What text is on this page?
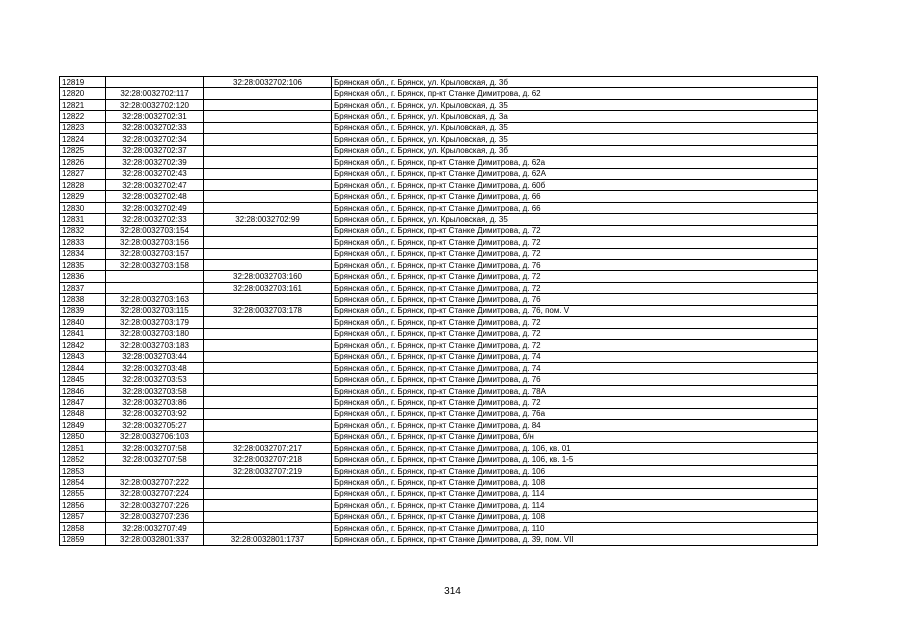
12819		32:28:0032702:106	Брянская обл., г. Брянск, ул. Крыловская, д. 3б
12820	32:28:0032702:117		Брянская обл., г. Брянск, пр-кт Станке Димитрова, д. 62
12821	32:28:0032702:120		Брянская обл., г. Брянск, ул. Крыловская, д. 35
12822	32:28:0032702:31		Брянская обл., г. Брянск, ул. Крыловская, д. 3а
12823	32:28:0032702:33		Брянская обл., г. Брянск, ул. Крыловская, д. 35
12824	32:28:0032702:34		Брянская обл., г. Брянск, ул. Крыловская, д. 35
12825	32:28:0032702:37		Брянская обл., г. Брянск, ул. Крыловская, д. 3б
12826	32:28:0032702:39		Брянская обл., г. Брянск, пр-кт Станке Димитрова, д. 62а
12827	32:28:0032702:43		Брянская обл., г. Брянск, пр-кт Станке Димитрова, д. 62А
12828	32:28:0032702:47		Брянская обл., г. Брянск, пр-кт Станке Димитрова, д. 60б
12829	32:28:0032702:48		Брянская обл., г. Брянск, пр-кт Станке Димитрова, д. 66
12830	32:28:0032702:49		Брянская обл., г. Брянск, пр-кт Станке Димитрова, д. 66
12831	32:28:0032702:33	32:28:0032702:99	Брянская обл., г. Брянск, ул. Крыловская, д. 35
12832	32:28:0032703:154		Брянская обл., г. Брянск, пр-кт Станке Димитрова, д. 72
12833	32:28:0032703:156		Брянская обл., г. Брянск, пр-кт Станке Димитрова, д. 72
12834	32:28:0032703:157		Брянская обл., г. Брянск, пр-кт Станке Димитрова, д. 72
12835	32:28:0032703:158		Брянская обл., г. Брянск, пр-кт Станке Димитрова, д. 76
12836		32:28:0032703:160	Брянская обл., г. Брянск, пр-кт Станке Димитрова, д. 72
12837		32:28:0032703:161	Брянская обл., г. Брянск, пр-кт Станке Димитрова, д. 72
12838	32:28:0032703:163		Брянская обл., г. Брянск, пр-кт Станке Димитрова, д. 76
12839	32:28:0032703:115	32:28:0032703:178	Брянская обл., г. Брянск, пр-кт Станке Димитрова, д. 76, пом. V
12840	32:28:0032703:179		Брянская обл., г. Брянск, пр-кт Станке Димитрова, д. 72
12841	32:28:0032703:180		Брянская обл., г. Брянск, пр-кт Станке Димитрова, д. 72
12842	32:28:0032703:183		Брянская обл., г. Брянск, пр-кт Станке Димитрова, д. 72
12843	32:28:0032703:44		Брянская обл., г. Брянск, пр-кт Станке Димитрова, д. 74
12844	32:28:0032703:48		Брянская обл., г. Брянск, пр-кт Станке Димитрова, д. 74
12845	32:28:0032703:53		Брянская обл., г. Брянск, пр-кт Станке Димитрова, д. 76
12846	32:28:0032703:58		Брянская обл., г. Брянск, пр-кт Станке Димитрова, д. 78А
12847	32:28:0032703:86		Брянская обл., г. Брянск, пр-кт Станке Димитрова, д. 72
12848	32:28:0032703:92		Брянская обл., г. Брянск, пр-кт Станке Димитрова, д. 76а
12849	32:28:0032705:27		Брянская обл., г. Брянск, пр-кт Станке Димитрова, д. 84
12850	32:28:0032706:103		Брянская обл., г. Брянск, пр-кт Станке Димитрова, б/н
12851	32:28:0032707:58	32:28:0032707:217	Брянская обл., г. Брянск, пр-кт Станке Димитрова, д. 106, кв. 01
12852	32:28:0032707:58	32:28:0032707:218	Брянская обл., г. Брянск, пр-кт Станке Димитрова, д. 106, кв. 1-5
12853		32:28:0032707:219	Брянская обл., г. Брянск, пр-кт Станке Димитрова, д. 106
12854	32:28:0032707:222		Брянская обл., г. Брянск, пр-кт Станке Димитрова, д. 108
12855	32:28:0032707:224		Брянская обл., г. Брянск, пр-кт Станке Димитрова, д. 114
12856	32:28:0032707:226		Брянская обл., г. Брянск, пр-кт Станке Димитрова, д. 114
12857	32:28:0032707:236		Брянская обл., г. Брянск, пр-кт Станке Димитрова, д. 108
12858	32:28:0032707:49		Брянская обл., г. Брянск, пр-кт Станке Димитрова, д. 110
12859	32:28:0032801:337	32:28:0032801:1737	Брянская обл., г. Брянск, пр-кт Станке Димитрова, д. 39, пом. VII
314
